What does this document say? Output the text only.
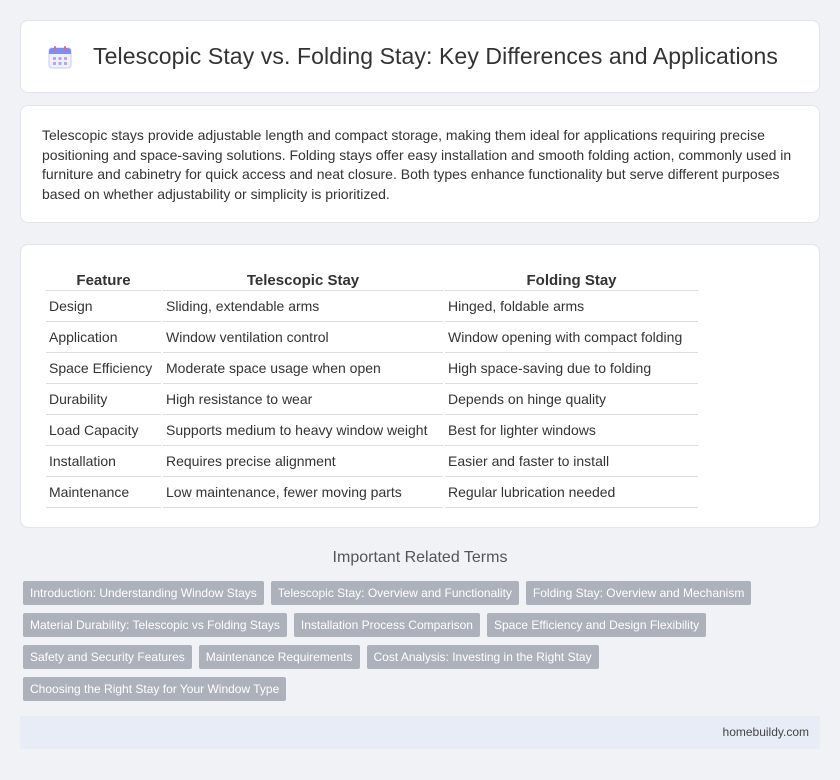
Telescopic Stay vs. Folding Stay: Key Differences and Applications

Telescopic stays provide adjustable length and compact storage, making them ideal for applications requiring precise positioning and space-saving solutions. Folding stays offer easy installation and smooth folding action, commonly used in furniture and cabinetry for quick access and neat closure. Both types enhance functionality but serve different purposes based on whether adjustability or simplicity is prioritized.

Feature	Telescopic Stay	Folding Stay
Design	Sliding, extendable arms	Hinged, foldable arms
Application	Window ventilation control	Window opening with compact folding
Space Efficiency	Moderate space usage when open	High space-saving due to folding
Durability	High resistance to wear	Depends on hinge quality
Load Capacity	Supports medium to heavy window weight	Best for lighter windows
Installation	Requires precise alignment	Easier and faster to install
Maintenance	Low maintenance, fewer moving parts	Regular lubrication needed
Important Related Terms
Introduction: Understanding Window Stays	Telescopic Stay: Overview and Functionality	Folding Stay: Overview and Mechanism
Material Durability: Telescopic vs Folding Stays	Installation Process Comparison	Space Efficiency and Design Flexibility
Safety and Security Features	Maintenance Requirements	Cost Analysis: Investing in the Right Stay
Choosing the Right Stay for Your Window Type
homebuildy.com
